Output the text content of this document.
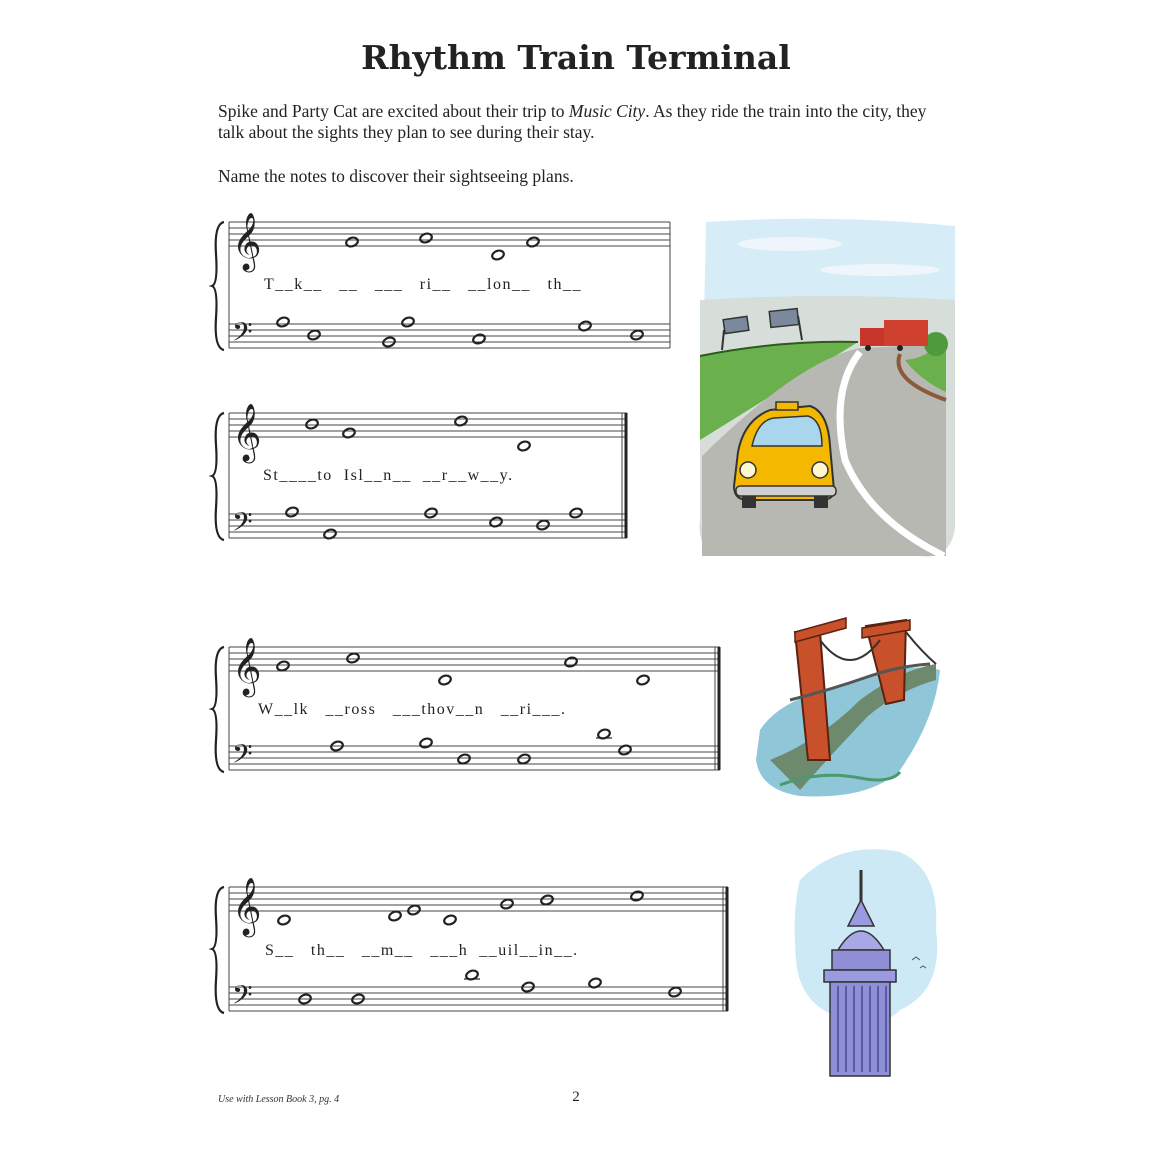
Rhythm Train Terminal
Spike and Party Cat are excited about their trip to Music City. As they ride the train into the city, they talk about the sights they plan to see during their stay.
Name the notes to discover their sightseeing plans.
𝄞
𝄢
T__k__   __   ___   ri__   __lon__   th__
𝄞
𝄢
St____to  Isl__n__  __r__w__y.
𝄞
𝄢
W__lk   __ross   ___thov__n   __ri___.
𝄞
𝄢
S__   th__   __m__   ___h  __uil__in__.
Use with Lesson Book 3, pg. 4	2
